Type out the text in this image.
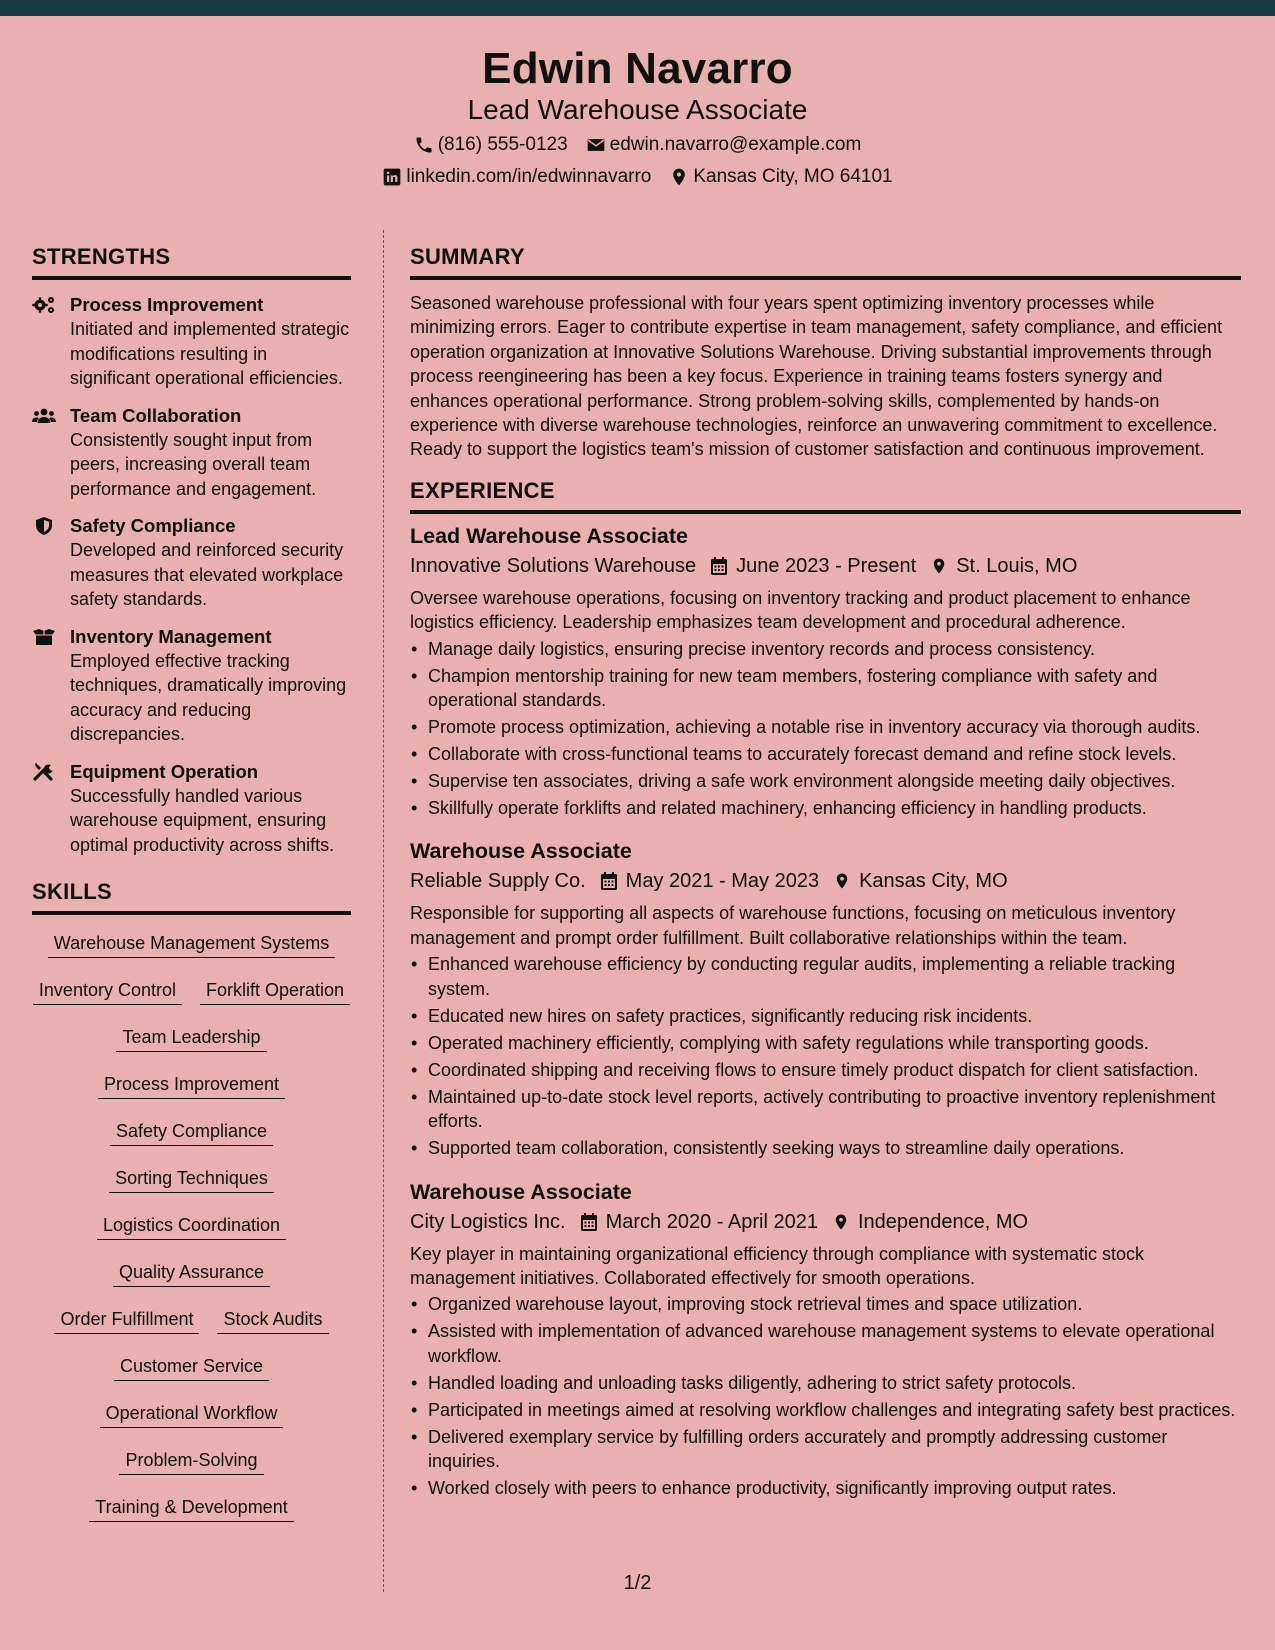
Edwin Navarro
Lead Warehouse Associate
(816) 555-0123 edwin.navarro@example.com
linkedin.com/in/edwinnavarro Kansas City, MO 64101
STRENGTHS
Process Improvement
Initiated and implemented strategic modifications resulting in significant operational efficiencies.
Team Collaboration
Consistently sought input from peers, increasing overall team performance and engagement.
Safety Compliance
Developed and reinforced security measures that elevated workplace safety standards.
Inventory Management
Employed effective tracking techniques, dramatically improving accuracy and reducing discrepancies.
Equipment Operation
Successfully handled various warehouse equipment, ensuring optimal productivity across shifts.
SKILLS
Warehouse Management Systems
Inventory Control	Forklift Operation
Team Leadership
Process Improvement
Safety Compliance
Sorting Techniques
Logistics Coordination
Quality Assurance
Order Fulfillment	Stock Audits
Customer Service
Operational Workflow
Problem-Solving
Training & Development
SUMMARY

Seasoned warehouse professional with four years spent optimizing inventory processes while minimizing errors. Eager to contribute expertise in team management, safety compliance, and efficient operation organization at Innovative Solutions Warehouse. Driving substantial improvements through process reengineering has been a key focus. Experience in training teams fosters synergy and enhances operational performance. Strong problem-solving skills, complemented by hands-on experience with diverse warehouse technologies, reinforce an unwavering commitment to excellence. Ready to support the logistics team's mission of customer satisfaction and continuous improvement.

EXPERIENCE
Lead Warehouse Associate
Innovative Solutions Warehouse June 2023 - Present St. Louis, MO

Oversee warehouse operations, focusing on inventory tracking and product placement to enhance logistics efficiency. Leadership emphasizes team development and procedural adherence.

• Manage daily logistics, ensuring precise inventory records and process consistency.
• Champion mentorship training for new team members, fostering compliance with safety and operational standards.
• Promote process optimization, achieving a notable rise in inventory accuracy via thorough audits.
• Collaborate with cross-functional teams to accurately forecast demand and refine stock levels.
• Supervise ten associates, driving a safe work environment alongside meeting daily objectives.
• Skillfully operate forklifts and related machinery, enhancing efficiency in handling products.
Warehouse Associate
Reliable Supply Co. May 2021 - May 2023 Kansas City, MO

Responsible for supporting all aspects of warehouse functions, focusing on meticulous inventory management and prompt order fulfillment. Built collaborative relationships within the team.

• Enhanced warehouse efficiency by conducting regular audits, implementing a reliable tracking system.
• Educated new hires on safety practices, significantly reducing risk incidents.
• Operated machinery efficiently, complying with safety regulations while transporting goods.
• Coordinated shipping and receiving flows to ensure timely product dispatch for client satisfaction.
• Maintained up-to-date stock level reports, actively contributing to proactive inventory replenishment efforts.
• Supported team collaboration, consistently seeking ways to streamline daily operations.
Warehouse Associate
City Logistics Inc. March 2020 - April 2021 Independence, MO

Key player in maintaining organizational efficiency through compliance with systematic stock management initiatives. Collaborated effectively for smooth operations.

• Organized warehouse layout, improving stock retrieval times and space utilization.
• Assisted with implementation of advanced warehouse management systems to elevate operational workflow.
• Handled loading and unloading tasks diligently, adhering to strict safety protocols.
• Participated in meetings aimed at resolving workflow challenges and integrating safety best practices.
• Delivered exemplary service by fulfilling orders accurately and promptly addressing customer inquiries.
• Worked closely with peers to enhance productivity, significantly improving output rates.
1/2
